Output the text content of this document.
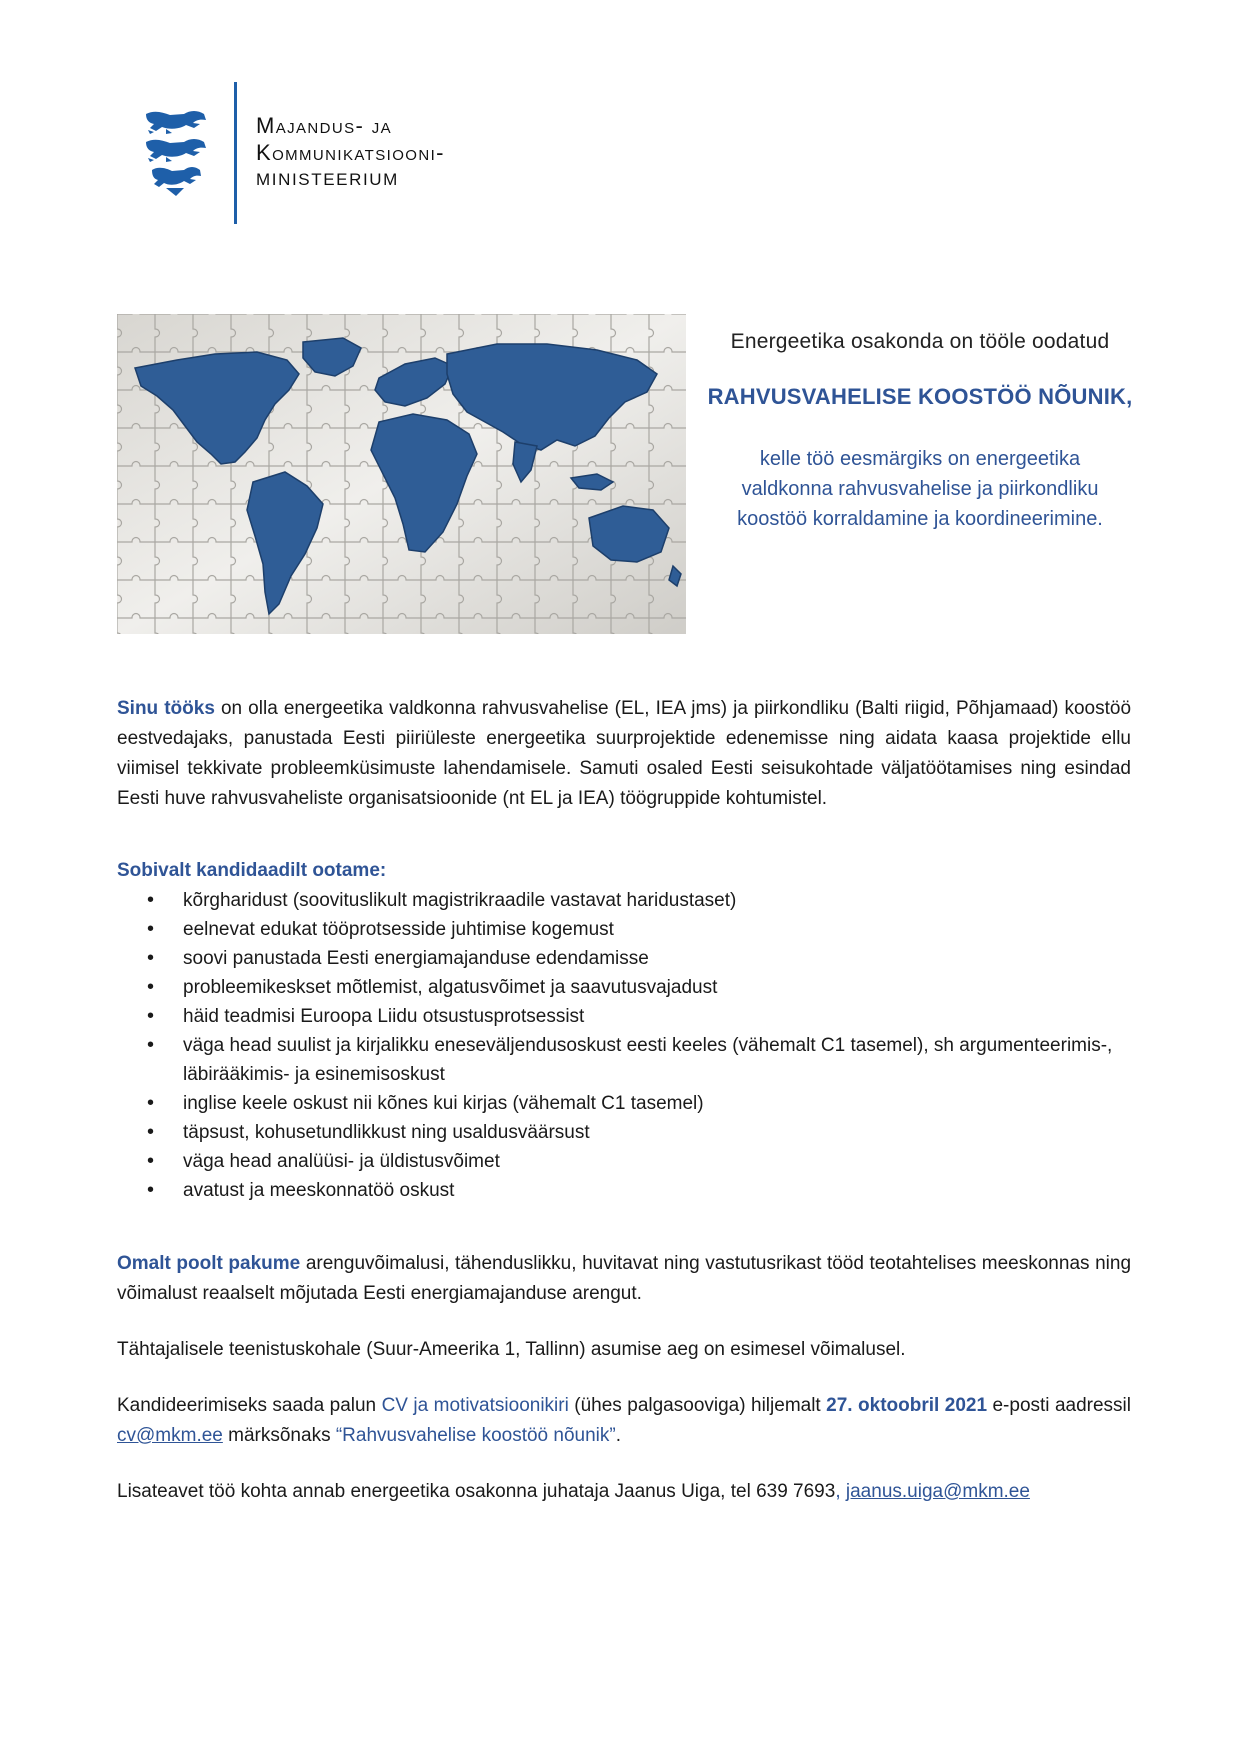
Majandus- ja
Kommunikatsiooni-
MINISTEERIUM
Energeetika osakonda on tööle oodatud
RAHVUSVAHELISE KOOSTÖÖ NÕUNIK,
kelle töö eesmärgiks on energeetika
valdkonna rahvusvahelise ja piirkondliku
koostöö korraldamine ja koordineerimine.

Sinu tööks on olla energeetika valdkonna rahvusvahelise (EL, IEA jms) ja piirkondliku (Balti riigid, Põhjamaad) koostöö eestvedajaks, panustada Eesti piiriüleste energeetika suurprojektide edenemisse ning aidata kaasa projektide ellu viimisel tekkivate probleemküsimuste lahendamisele. Samuti osaled Eesti seisukohtade väljatöötamises ning esindad Eesti huve rahvusvaheliste organisatsioonide (nt EL ja IEA) töögruppide kohtumistel.

Sobivalt kandidaadilt ootame:
• kõrgharidust (soovituslikult magistrikraadile vastavat haridustaset)
• eelnevat edukat tööprotsesside juhtimise kogemust
• soovi panustada Eesti energiamajanduse edendamisse
• probleemikeskset mõtlemist, algatusvõimet ja saavutusvajadust
• häid teadmisi Euroopa Liidu otsustusprotsessist
• väga head suulist ja kirjalikku eneseväljendusoskust eesti keeles (vähemalt C1 tasemel), sh argumenteerimis-, läbirääkimis- ja esinemisoskust
• inglise keele oskust nii kõnes kui kirjas (vähemalt C1 tasemel)
• täpsust, kohusetundlikkust ning usaldusväärsust
• väga head analüüsi- ja üldistusvõimet
• avatust ja meeskonnatöö oskust

Omalt poolt pakume arenguvõimalusi, tähenduslikku, huvitavat ning vastutusrikast tööd teotahtelises meeskonnas ning võimalust reaalselt mõjutada Eesti energiamajanduse arengut.

Tähtajalisele teenistuskohale (Suur-Ameerika 1, Tallinn) asumise aeg on esimesel võimalusel.

Kandideerimiseks saada palun CV ja motivatsioonikiri (ühes palgasooviga) hiljemalt 27. oktoobril 2021 e-posti aadressil cv@mkm.ee märksõnaks “Rahvusvahelise koostöö nõunik”.

Lisateavet töö kohta annab energeetika osakonna juhataja Jaanus Uiga, tel 639 7693, jaanus.uiga@mkm.ee
